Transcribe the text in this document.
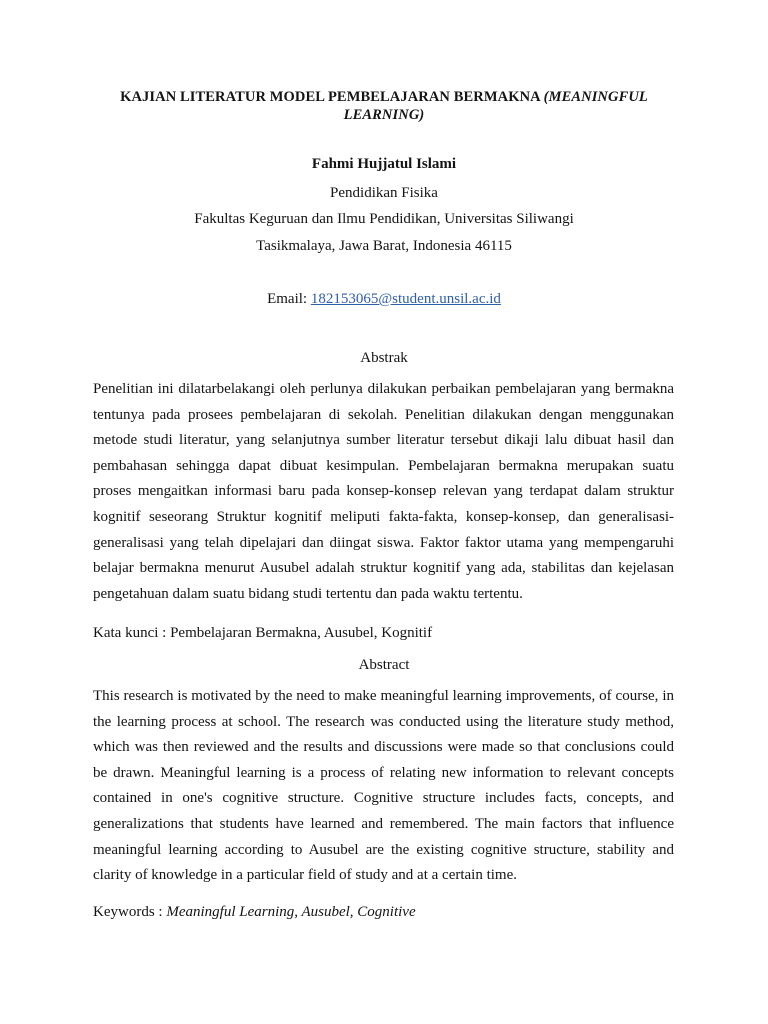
KAJIAN LITERATUR MODEL PEMBELAJARAN BERMAKNA (MEANINGFUL LEARNING)
Fahmi Hujjatul Islami
Pendidikan Fisika
Fakultas Keguruan dan Ilmu Pendidikan, Universitas Siliwangi
Tasikmalaya, Jawa Barat, Indonesia 46115
Email: 182153065@student.unsil.ac.id
Abstrak

Penelitian ini dilatarbelakangi oleh perlunya dilakukan perbaikan pembelajaran yang bermakna tentunya pada prosees pembelajaran di sekolah. Penelitian dilakukan dengan menggunakan metode studi literatur, yang selanjutnya sumber literatur tersebut dikaji lalu dibuat hasil dan pembahasan sehingga dapat dibuat kesimpulan. Pembelajaran bermakna merupakan suatu proses mengaitkan informasi baru pada konsep-konsep relevan yang terdapat dalam struktur kognitif seseorang Struktur kognitif meliputi fakta-fakta, konsep-konsep, dan generalisasi-generalisasi yang telah dipelajari dan diingat siswa. Faktor faktor utama yang mempengaruhi belajar bermakna menurut Ausubel adalah struktur kognitif yang ada, stabilitas dan kejelasan pengetahuan dalam suatu bidang studi tertentu dan pada waktu tertentu.

Kata kunci : Pembelajaran Bermakna, Ausubel, Kognitif
Abstract

This research is motivated by the need to make meaningful learning improvements, of course, in the learning process at school. The research was conducted using the literature study method, which was then reviewed and the results and discussions were made so that conclusions could be drawn. Meaningful learning is a process of relating new information to relevant concepts contained in one's cognitive structure. Cognitive structure includes facts, concepts, and generalizations that students have learned and remembered. The main factors that influence meaningful learning according to Ausubel are the existing cognitive structure, stability and clarity of knowledge in a particular field of study and at a certain time.

Keywords : Meaningful Learning, Ausubel, Cognitive
